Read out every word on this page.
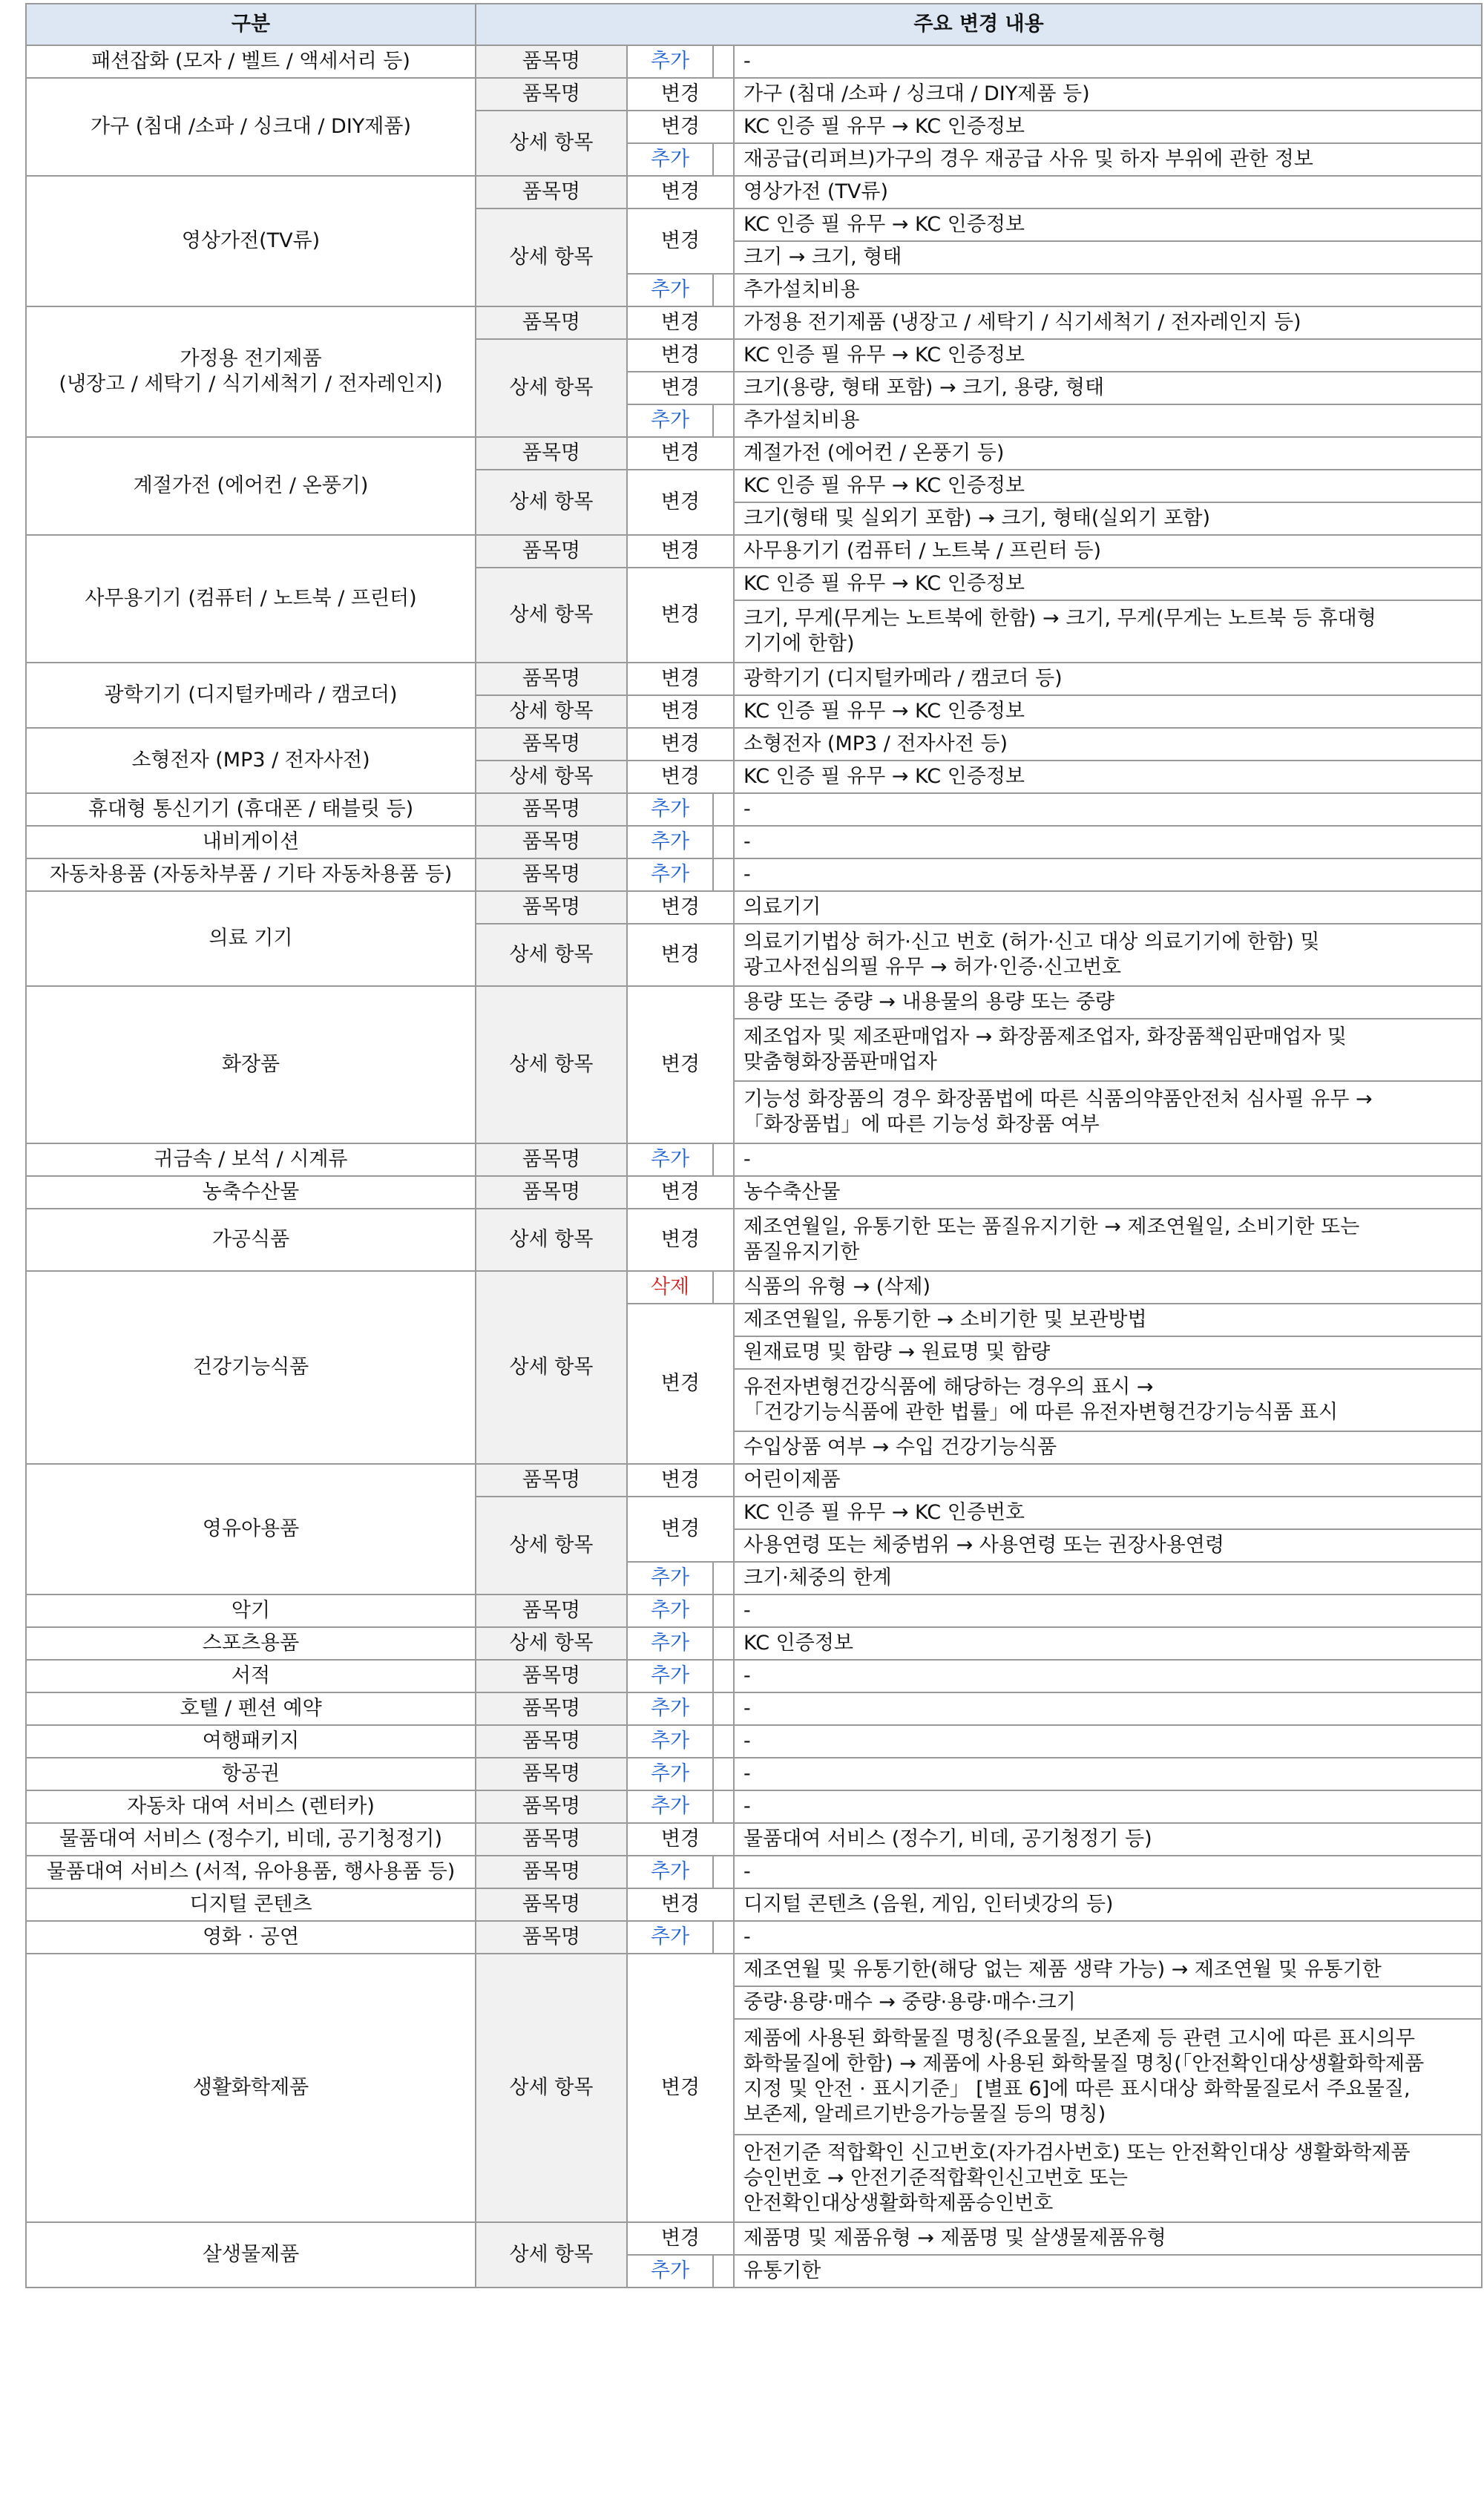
구분	주요 변경 내용			
패션잡화 (모자 / 벨트 / 액세서리 등)	품목명	추가		-
가구 (침대 /소파 / 싱크대 / DIY제품)	품목명	변경		가구 (침대 /소파 / 싱크대 / DIY제품 등)
	상세 항목	변경		KC 인증 필 유무 → KC 인증정보
		추가		재공급(리퍼브)가구의 경우 재공급 사유 및 하자 부위에 관한 정보
영상가전(TV류)	품목명	변경		영상가전 (TV류)
	상세 항목	변경		KC 인증 필 유무 → KC 인증정보
				크기 → 크기, 형태
		추가		추가설치비용
가정용 전기제품
(냉장고 / 세탁기 / 식기세척기 / 전자레인지)	품목명	변경		가정용 전기제품 (냉장고 / 세탁기 / 식기세척기 / 전자레인지 등)
	상세 항목	변경		KC 인증 필 유무 → KC 인증정보
		변경		크기(용량, 형태 포함) → 크기, 용량, 형태
		추가		추가설치비용
계절가전 (에어컨 / 온풍기)	품목명	변경		계절가전 (에어컨 / 온풍기 등)
	상세 항목	변경		KC 인증 필 유무 → KC 인증정보
				크기(형태 및 실외기 포함) → 크기, 형태(실외기 포함)
사무용기기 (컴퓨터 / 노트북 / 프린터)	품목명	변경		사무용기기 (컴퓨터 / 노트북 / 프린터 등)
	상세 항목	변경		KC 인증 필 유무 → KC 인증정보
				크기, 무게(무게는 노트북에 한함) → 크기, 무게(무게는 노트북 등 휴대형
기기에 한함)
광학기기 (디지털카메라 / 캠코더)	품목명	변경		광학기기 (디지털카메라 / 캠코더 등)
	상세 항목	변경		KC 인증 필 유무 → KC 인증정보
소형전자 (MP3 / 전자사전)	품목명	변경		소형전자 (MP3 / 전자사전 등)
	상세 항목	변경		KC 인증 필 유무 → KC 인증정보
휴대형 통신기기 (휴대폰 / 태블릿 등)	품목명	추가		-
내비게이션	품목명	추가		-
자동차용품 (자동차부품 / 기타 자동차용품 등)	품목명	추가		-
의료 기기	품목명	변경		의료기기
	상세 항목	변경		의료기기법상 허가·신고 번호 (허가·신고 대상 의료기기에 한함) 및
광고사전심의필 유무 → 허가·인증·신고번호
화장품	상세 항목	변경		용량 또는 중량 → 내용물의 용량 또는 중량
				제조업자 및 제조판매업자 → 화장품제조업자, 화장품책임판매업자 및
맞춤형화장품판매업자
				기능성 화장품의 경우 화장품법에 따른 식품의약품안전처 심사필 유무 →
「화장품법」에 따른 기능성 화장품 여부
귀금속 / 보석 / 시계류	품목명	추가		-
농축수산물	품목명	변경		농수축산물
가공식품	상세 항목	변경		제조연월일, 유통기한 또는 품질유지기한 → 제조연월일, 소비기한 또는
품질유지기한
건강기능식품	상세 항목	삭제		식품의 유형 → (삭제)
		변경		제조연월일, 유통기한 → 소비기한 및 보관방법
				원재료명 및 함량 → 원료명 및 함량
				유전자변형건강식품에 해당하는 경우의 표시 →
「건강기능식품에 관한 법률」에 따른 유전자변형건강기능식품 표시
				수입상품 여부 → 수입 건강기능식품
영유아용품	품목명	변경		어린이제품
	상세 항목	변경		KC 인증 필 유무 → KC 인증번호
				사용연령 또는 체중범위 → 사용연령 또는 권장사용연령
		추가		크기·체중의 한계
악기	품목명	추가		-
스포츠용품	상세 항목	추가		KC 인증정보
서적	품목명	추가		-
호텔 / 펜션 예약	품목명	추가		-
여행패키지	품목명	추가		-
항공권	품목명	추가		-
자동차 대여 서비스 (렌터카)	품목명	추가		-
물품대여 서비스 (정수기, 비데, 공기청정기)	품목명	변경		물품대여 서비스 (정수기, 비데, 공기청정기 등)
물품대여 서비스 (서적, 유아용품, 행사용품 등)	품목명	추가		-
디지털 콘텐츠	품목명	변경		디지털 콘텐츠 (음원, 게임, 인터넷강의 등)
영화 · 공연	품목명	추가		-
생활화학제품	상세 항목	변경		제조연월 및 유통기한(해당 없는 제품 생략 가능) → 제조연월 및 유통기한
				중량·용량·매수 → 중량·용량·매수·크기
				제품에 사용된 화학물질 명칭(주요물질, 보존제 등 관련 고시에 따른 표시의무
화학물질에 한함) → 제품에 사용된 화학물질 명칭(「안전확인대상생활화학제품
지정 및 안전 · 표시기준」 [별표 6]에 따른 표시대상 화학물질로서 주요물질,
보존제, 알레르기반응가능물질 등의 명칭)
				안전기준 적합확인 신고번호(자가검사번호) 또는 안전확인대상 생활화학제품
승인번호 → 안전기준적합확인신고번호 또는
안전확인대상생활화학제품승인번호
살생물제품	상세 항목	변경		제품명 및 제품유형 → 제품명 및 살생물제품유형
		추가		유통기한
